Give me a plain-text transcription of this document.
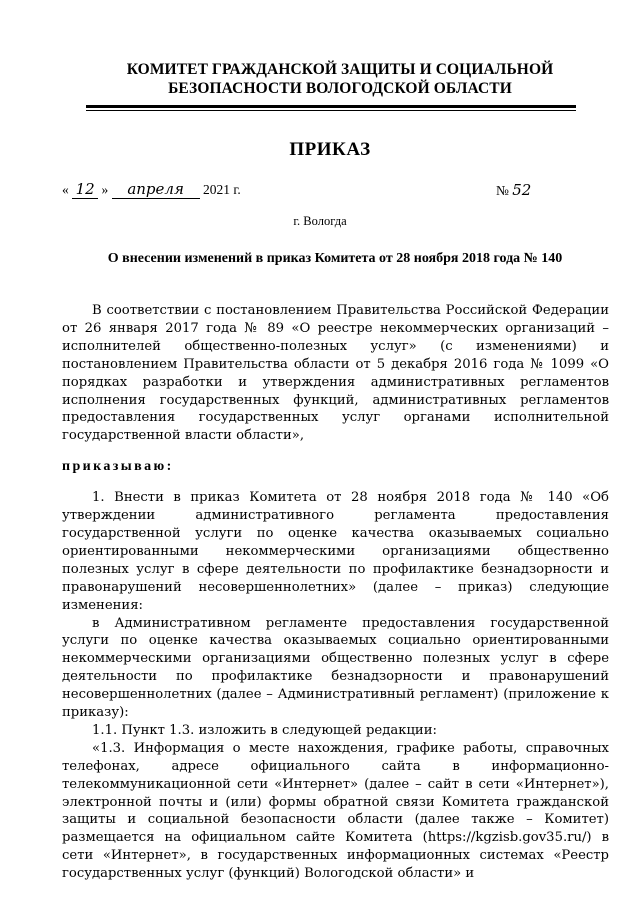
КОМИТЕТ ГРАЖДАНСКОЙ ЗАЩИТЫ И СОЦИАЛЬНОЙ
БЕЗОПАСНОСТИ ВОЛОГОДСКОЙ ОБЛАСТИ
ПРИКАЗ
« 12 » апреля 2021 г.	№ 52
г. Вологда
О внесении изменений в приказ Комитета от 28 ноября 2018 года № 140

В соответствии с постановлением Правительства Российской Федерации от 26 января 2017 года № 89 «О реестре некоммерческих организаций – исполнителей общественно-полезных услуг» (с изменениями) и постановлением Правительства области от 5 декабря 2016 года № 1099 «О порядках разработки и утверждения административных регламентов исполнения государственных функций, административных регламентов предоставления государственных услуг органами исполнительной государственной власти области»,

приказываю:

1. Внести в приказ Комитета от 28 ноября 2018 года № 140 «Об утверждении административного регламента предоставления государственной услуги по оценке качества оказываемых социально ориентированными некоммерческими организациями общественно полезных услуг в сфере деятельности по профилактике безнадзорности и правонарушений несовершеннолетних» (далее – приказ) следующие изменения:

в Административном регламенте предоставления государственной услуги по оценке качества оказываемых социально ориентированными некоммерческими организациями общественно полезных услуг в сфере деятельности по профилактике безнадзорности и правонарушений несовершеннолетних (далее – Административный регламент) (приложение к приказу):

1.1. Пункт 1.3. изложить в следующей редакции:

«1.3. Информация о месте нахождения, графике работы, справочных телефонах, адресе официального сайта в информационно-телекоммуникационной сети «Интернет» (далее – сайт в сети «Интернет»), электронной почты и (или) формы обратной связи Комитета гражданской защиты и социальной безопасности области (далее также – Комитет) размещается на официальном сайте Комитета (https://kgzisb.gov35.ru/) в сети «Интернет», в государственных информационных системах «Реестр государственных услуг (функций) Вологодской области» и
